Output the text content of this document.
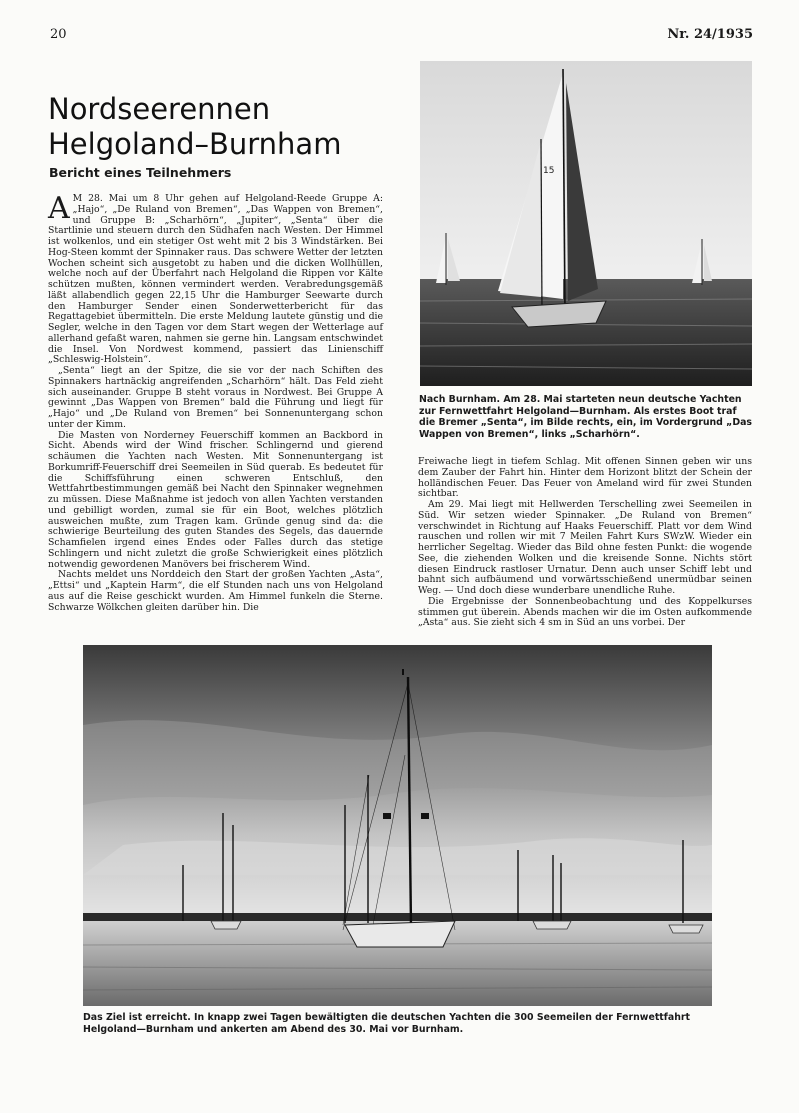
20	Nr. 24/1935
Nordseerennen
Helgoland–Burnham
Bericht eines Teilnehmers

A M 28. Mai um 8 Uhr gehen auf Helgoland-Reede Gruppe A: „Hajo“, „De Ruland von Bremen“, „Das Wappen von Bremen“, und Gruppe B: „Scharhörn“, „Jupiter“, „Senta“ über die Startlinie und steuern durch den Südhafen nach Westen. Der Himmel ist wolkenlos, und ein stetiger Ost weht mit 2 bis 3 Windstärken. Bei Hog-Steen kommt der Spinnaker raus. Das schwere Wetter der letzten Wochen scheint sich ausgetobt zu haben und die dicken Wollhüllen, welche noch auf der Überfahrt nach Helgoland die Rippen vor Kälte schützen mußten, können vermindert werden. Verabredungsgemäß läßt allabendlich gegen 22,15 Uhr die Hamburger Seewarte durch den Hamburger Sender einen Sonderwetterbericht für das Regattagebiet übermitteln. Die erste Meldung lautete günstig und die Segler, welche in den Tagen vor dem Start wegen der Wetterlage auf allerhand gefaßt waren, nahmen sie gerne hin. Langsam entschwindet die Insel. Von Nordwest kommend, passiert das Linienschiff „Schleswig-Holstein“.

„Senta“ liegt an der Spitze, die sie vor der nach Schiften des Spinnakers hartnäckig angreifenden „Scharhörn“ hält. Das Feld zieht sich auseinander. Gruppe B steht voraus in Nordwest. Bei Gruppe A gewinnt „Das Wappen von Bremen“ bald die Führung und liegt für „Hajo“ und „De Ruland von Bremen“ bei Sonnenuntergang schon unter der Kimm.

Die Masten von Norderney Feuerschiff kommen an Backbord in Sicht. Abends wird der Wind frischer. Schlingernd und gierend schäumen die Yachten nach Westen. Mit Sonnenuntergang ist Borkumriff-Feuerschiff drei Seemeilen in Süd querab. Es bedeutet für die Schiffsführung einen schweren Entschluß, den Wettfahrtbestimmungen gemäß bei Nacht den Spinnaker wegnehmen zu müssen. Diese Maßnahme ist jedoch von allen Yachten verstanden und gebilligt worden, zumal sie für ein Boot, welches plötzlich ausweichen mußte, zum Tragen kam. Gründe genug sind da: die schwierige Beurteilung des guten Standes des Segels, das dauernde Schamfielen irgend eines Endes oder Falles durch das stetige Schlingern und nicht zuletzt die große Schwierigkeit eines plötzlich notwendig gewordenen Manövers bei frischerem Wind.

Nachts meldet uns Norddeich den Start der großen Yachten „Asta“, „Ettsi“ und „Kaptein Harm“, die elf Stunden nach uns von Helgoland aus auf die Reise geschickt wurden. Am Himmel funkeln die Sterne. Schwarze Wölkchen gleiten darüber hin. Die

15
Nach Burnham. Am 28. Mai starteten neun deutsche Yachten zur Fernwettfahrt Helgoland—Burnham. Als erstes Boot traf die Bremer „Senta“, im Bilde rechts, ein, im Vordergrund „Das Wappen von Bremen“, links „Scharhörn“.

Freiwache liegt in tiefem Schlag. Mit offenen Sinnen geben wir uns dem Zauber der Fahrt hin. Hinter dem Horizont blitzt der Schein der holländischen Feuer. Das Feuer von Ameland wird für zwei Stunden sichtbar.

Am 29. Mai liegt mit Hellwerden Terschelling zwei Seemeilen in Süd. Wir setzen wieder Spinnaker. „De Ruland von Bremen“ verschwindet in Richtung auf Haaks Feuerschiff. Platt vor dem Wind rauschen und rollen wir mit 7 Meilen Fahrt Kurs SWzW. Wieder ein herrlicher Segeltag. Wieder das Bild ohne festen Punkt: die wogende See, die ziehenden Wolken und die kreisende Sonne. Nichts stört diesen Eindruck rastloser Urnatur. Denn auch unser Schiff lebt und bahnt sich aufbäumend und vorwärtsschießend unermüdbar seinen Weg. — Und doch diese wunderbare unendliche Ruhe.

Die Ergebnisse der Sonnenbeobachtung und des Koppelkurses stimmen gut überein. Abends machen wir die im Osten aufkommende „Asta“ aus. Sie zieht sich 4 sm in Süd an uns vorbei. Der

Das Ziel ist erreicht. In knapp zwei Tagen bewältigten die deutschen Yachten die 300 Seemeilen der Fernwettfahrt Helgoland—Burnham und ankerten am Abend des 30. Mai vor Burnham.
